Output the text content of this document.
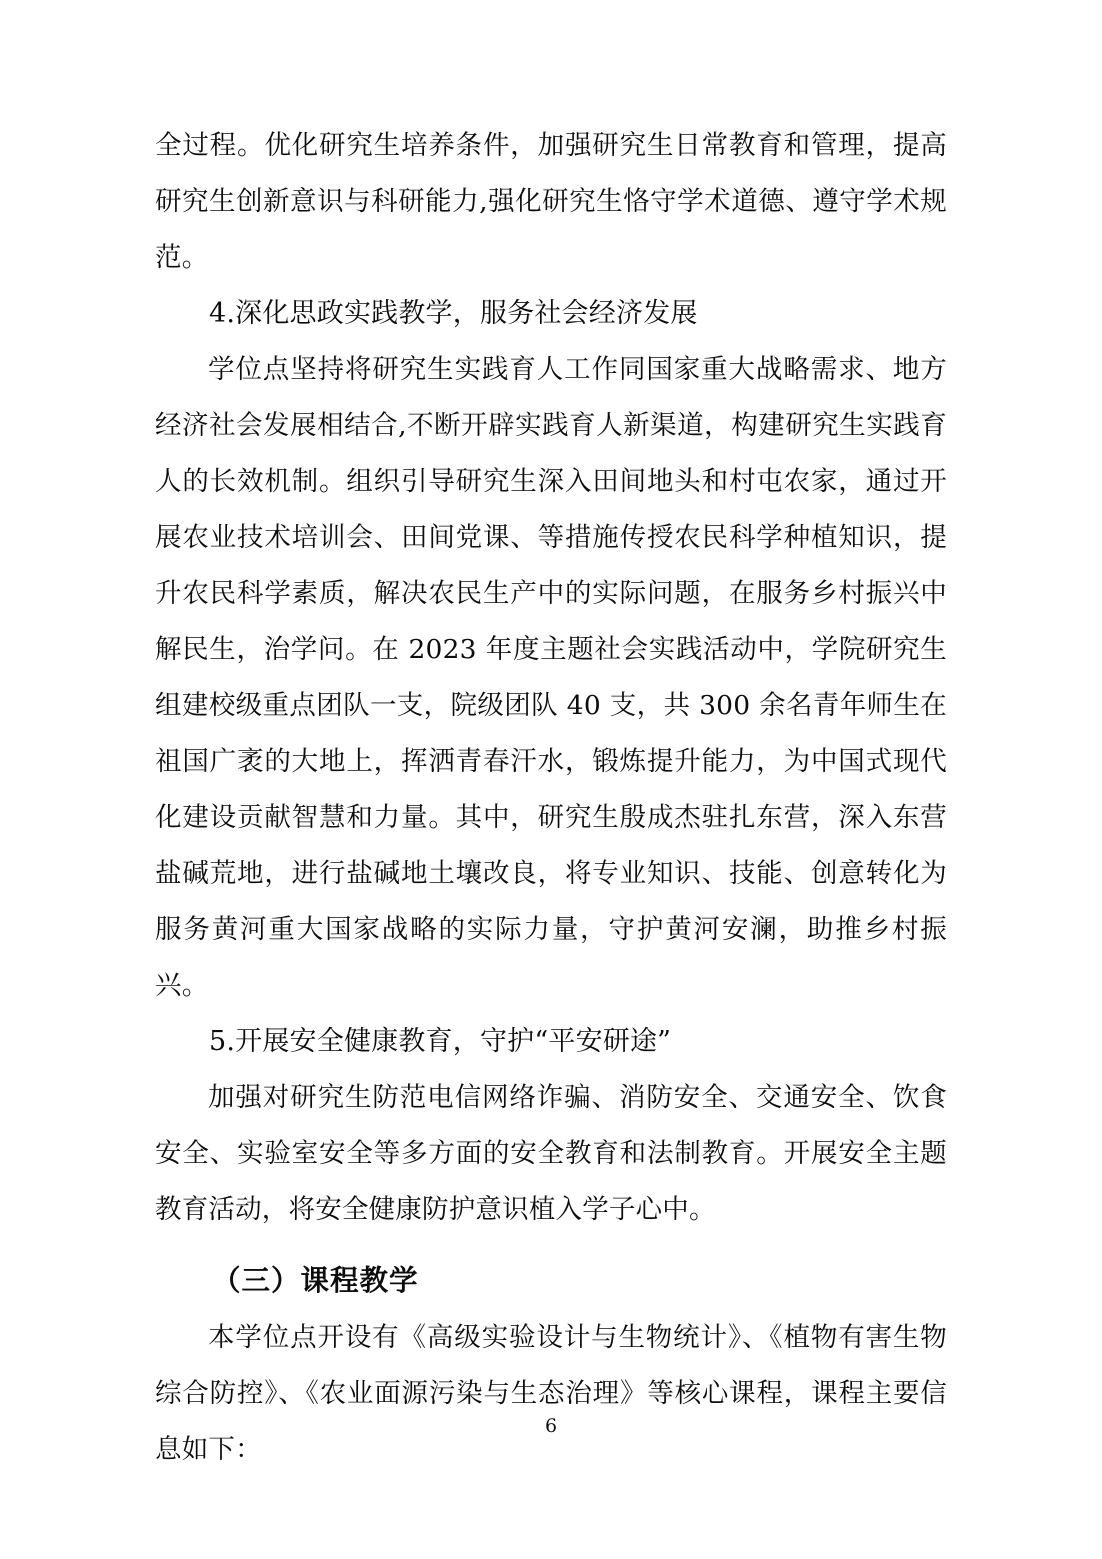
全过程。优化研究生培养条件，加强研究生日常教育和管理，提高研究生创新意识与科研能力,强化研究生恪守学术道德、遵守学术规范。

4.深化思政实践教学，服务社会经济发展

学位点坚持将研究生实践育人工作同国家重大战略需求、地方经济社会发展相结合,不断开辟实践育人新渠道，构建研究生实践育人的长效机制。组织引导研究生深入田间地头和村屯农家，通过开展农业技术培训会、田间党课、等措施传授农民科学种植知识，提升农民科学素质，解决农民生产中的实际问题，在服务乡村振兴中解民生，治学问。在 2023 年度主题社会实践活动中，学院研究生组建校级重点团队一支，院级团队 40 支，共 300 余名青年师生在祖国广袤的大地上，挥洒青春汗水，锻炼提升能力，为中国式现代化建设贡献智慧和力量。其中，研究生殷成杰驻扎东营，深入东营盐碱荒地，进行盐碱地土壤改良，将专业知识、技能、创意转化为服务黄河重大国家战略的实际力量，守护黄河安澜，助推乡村振兴。

5.开展安全健康教育，守护“平安研途”

加强对研究生防范电信网络诈骗、消防安全、交通安全、饮食安全、实验室安全等多方面的安全教育和法制教育。开展安全主题教育活动，将安全健康防护意识植入学子心中。

（三）课程教学

本学位点开设有《高级实验设计与生物统计》、《植物有害生物综合防控》、《农业面源污染与生态治理》等核心课程，课程主要信息如下：

6
